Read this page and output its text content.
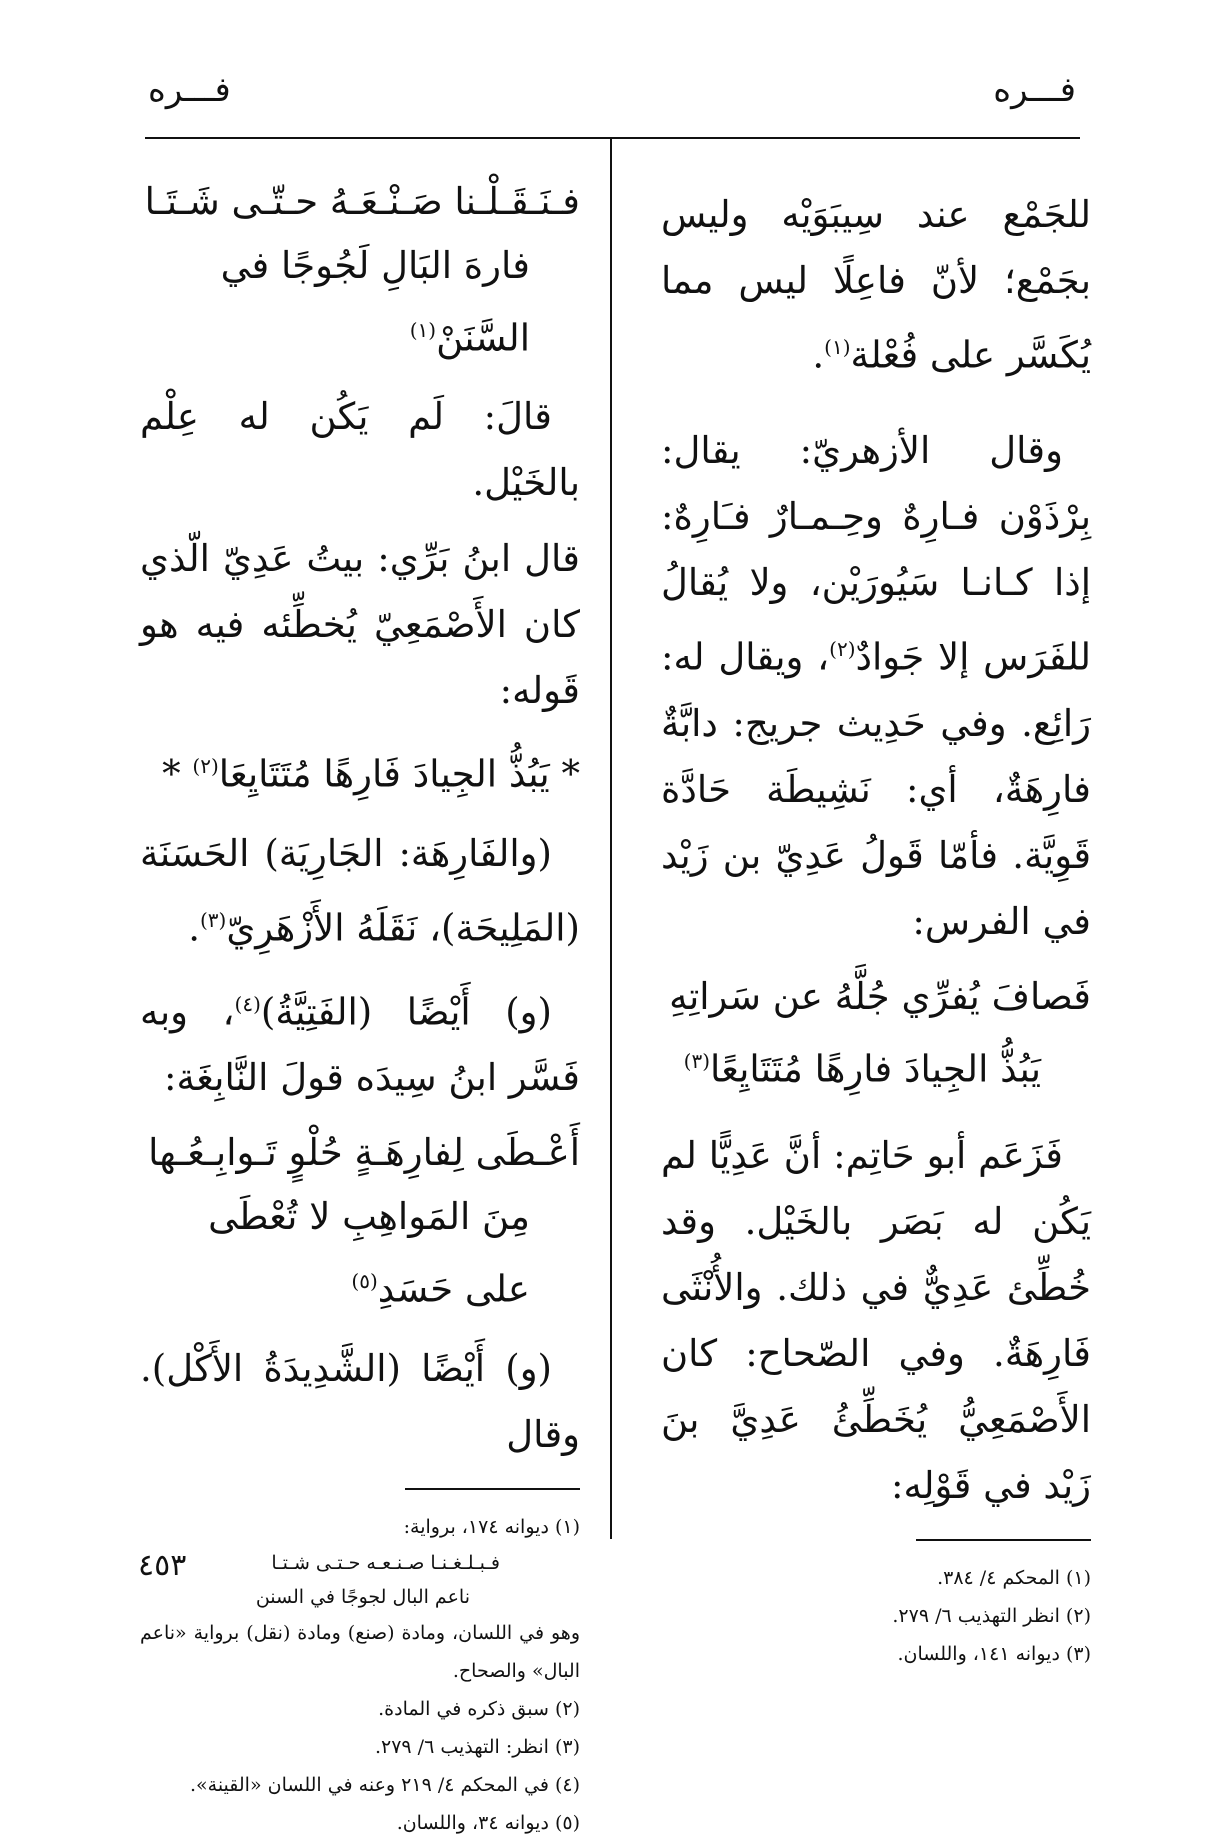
فـــره
فـــره

للجَمْع عند سِيبَوَيْه وليس بجَمْع؛ لأنّ فاعِلًا ليس مما يُكَسَّر على فُعْلة$^{(١)}$.

وقال الأزهريّ: يقال: بِرْذَوْن فـارِهٌ وحِـمـارٌ فـَارِهٌ: إذا كـانـا سَيُورَيْن، ولا يُقالُ للفَرَس إلا جَوادٌ$^{(٢)}$، ويقال له: رَائِع. وفي حَدِيث جريج: دابَّةٌ فارِهَةٌ، أي: نَشِيطَة حَادَّة قَوِيَّة. فأمّا قَولُ عَدِيّ بن زَيْد في الفرس:

فَصافَ يُفرِّي جُلَّهُ عن سَراتِهِ
يَبُذُّ الجِيادَ فارِهًا مُتَتَايِعًا$^{(٣)}$

فَزَعَم أبو حَاتِم: أنَّ عَدِيًّا لم يَكُن له بَصَر بالخَيْل. وقد خُطِّئ عَدِيٌّ في ذلك. والأُنْثَى فَارِهَةٌ. وفي الصّحاح: كان الأَصْمَعِيُّ يُخَطِّئُ عَدِيَّ بنَ زَيْد في قَوْلِه:

(١) المحكم ٤/ ٣٨٤.
(٢) انظر التهذيب ٦/ ٢٧٩.
(٣) ديوانه ١٤١، واللسان.
فـنَـقَـلْـنا صَـنْـعَـهُ حـتّـى شَـتَـا
فارهَ البَالِ لَجُوجًا في السَّنَنْ$^{(١)}$

قالَ: لَم يَكُن له عِلْم بالخَيْل.

قال ابنُ بَرِّي: بيتُ عَدِيّ الّذي كان الأَصْمَعِيّ يُخطِّئه فيه هو قَوله:

* يَبُذُّ الجِيادَ فَارِهًا مُتَتَايِعَا$^{(٢)}$ *

(والفَارِهَة: الجَارِيَة) الحَسَنَة (المَلِيحَة)، نَقَلَهُ الأَزْهَرِيّ$^{(٣)}$.

(و) أَيْضًا (الفَتِيَّةُ)$^{(٤)}$، وبه فَسَّر ابنُ سِيدَه قولَ النَّابِغَة:

أَعْـطَى لِفارِهَـةٍ حُلْوٍ تَـوابِـعُـها
مِنَ المَواهِبِ لا تُعْطَى على حَسَدِ$^{(٥)}$

(و) أَيْضًا (الشَّدِيدَةُ الأَكْل). وقال

(١) ديوانه ١٧٤، برواية:
فـبـلـغـنـا صـنـعـه حـتـى شـتـا
ناعم البال لجوجًا في السنن
وهو في اللسان، ومادة (صنع) ومادة (نقل) برواية «ناعم البال» والصحاح.
(٢) سبق ذكره في المادة.
(٣) انظر: التهذيب ٦/ ٢٧٩.
(٤) في المحكم ٤/ ٢١٩ وعنه في اللسان «القينة».
(٥) ديوانه ٣٤، واللسان.
٤٥٣
